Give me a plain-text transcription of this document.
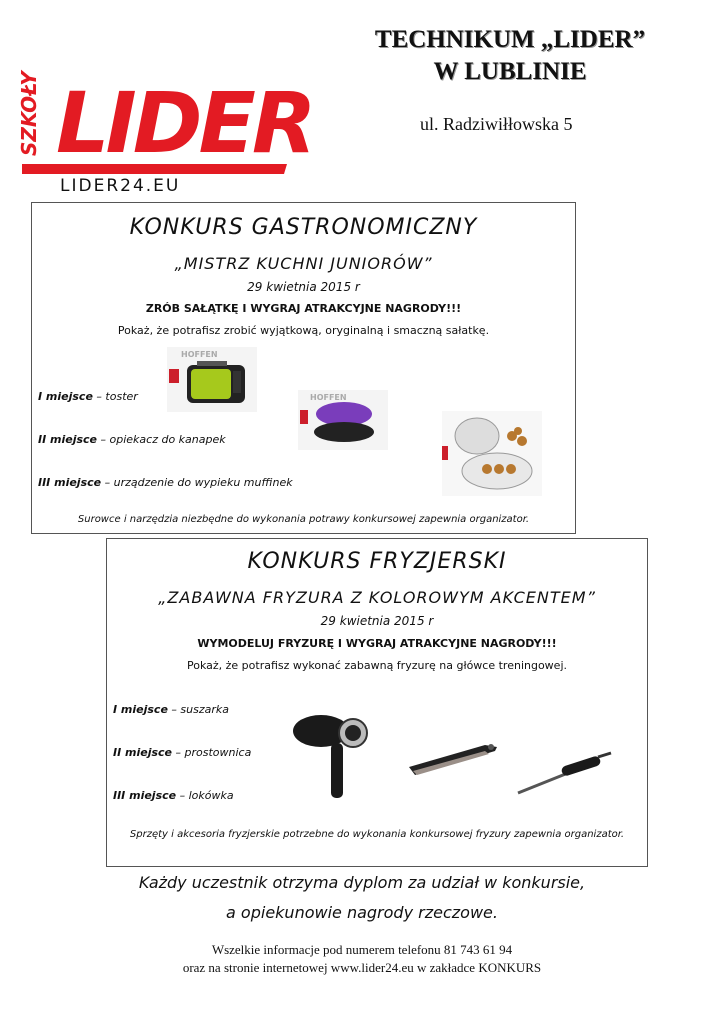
SZKOŁY LIDER
LIDER24.EU
TECHNIKUM „LIDER”
W LUBLINIE
ul. Radziwiłłowska 5
KONKURS GASTRONOMICZNY
„MISTRZ KUCHNI JUNIORÓW”
29 kwietnia 2015 r
ZRÓB SAŁĄTKĘ I WYGRAJ ATRAKCYJNE NAGRODY!!!
Pokaż, że potrafisz zrobić wyjątkową, oryginalną i smaczną sałatkę.
I miejsce – toster
II miejsce – opiekacz do kanapek
III miejsce – urządzenie do wypieku muffinek
HOFFEN
HOFFEN
Surowce i narzędzia niezbędne do wykonania potrawy konkursowej zapewnia organizator.
KONKURS FRYZJERSKI
„ZABAWNA FRYZURA Z KOLOROWYM AKCENTEM”
29 kwietnia 2015 r
WYMODELUJ FRYZURĘ I WYGRAJ ATRAKCYJNE NAGRODY!!!
Pokaż, że potrafisz wykonać zabawną fryzurę na główce treningowej.
I miejsce – suszarka
II miejsce – prostownica
III miejsce – lokówka
Sprzęty i akcesoria fryzjerskie potrzebne do wykonania konkursowej fryzury zapewnia organizator.
Każdy uczestnik otrzyma dyplom za udział w konkursie,
a opiekunowie nagrody rzeczowe.
Wszelkie informacje pod numerem telefonu 81 743 61 94
oraz na stronie internetowej www.lider24.eu w zakładce KONKURS
